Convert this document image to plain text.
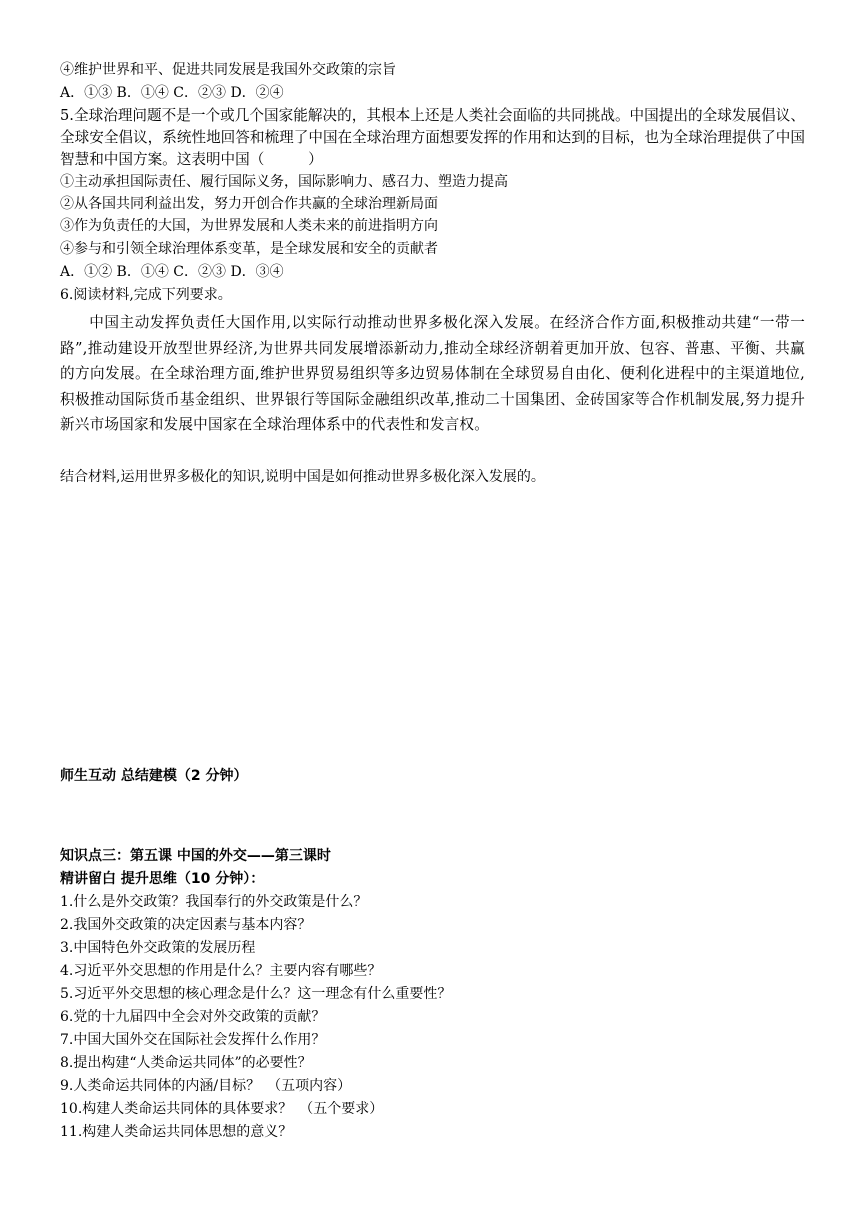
④维护世界和平、促进共同发展是我国外交政策的宗旨
A．①③ B．①④ C．②③ D．②④
5.全球治理问题不是一个或几个国家能解决的，其根本上还是人类社会面临的共同挑战。中国提出的全球发展倡议、全球安全倡议，系统性地回答和梳理了中国在全球治理方面想要发挥的作用和达到的目标，也为全球治理提供了中国智慧和中国方案。这表明中国（　　　）
①主动承担国际责任、履行国际义务，国际影响力、感召力、塑造力提高
②从各国共同利益出发，努力开创合作共赢的全球治理新局面
③作为负责任的大国，为世界发展和人类未来的前进指明方向
④参与和引领全球治理体系变革，是全球发展和安全的贡献者
A．①② B．①④ C．②③ D．③④
6.阅读材料,完成下列要求。
中国主动发挥负责任大国作用,以实际行动推动世界多极化深入发展。在经济合作方面,积极推动共建“一带一路”,推动建设开放型世界经济,为世界共同发展增添新动力,推动全球经济朝着更加开放、包容、普惠、平衡、共赢的方向发展。在全球治理方面,维护世界贸易组织等多边贸易体制在全球贸易自由化、便利化进程中的主渠道地位,积极推动国际货币基金组织、世界银行等国际金融组织改革,推动二十国集团、金砖国家等合作机制发展,努力提升新兴市场国家和发展中国家在全球治理体系中的代表性和发言权。
结合材料,运用世界多极化的知识,说明中国是如何推动世界多极化深入发展的。
师生互动 总结建模（2 分钟）
知识点三：第五课 中国的外交——第三课时
精讲留白 提升思维（10 分钟）：
1.什么是外交政策？我国奉行的外交政策是什么？
2.我国外交政策的决定因素与基本内容？
3.中国特色外交政策的发展历程
4.习近平外交思想的作用是什么？主要内容有哪些？
5.习近平外交思想的核心理念是什么？这一理念有什么重要性？
6.党的十九届四中全会对外交政策的贡献？
7.中国大国外交在国际社会发挥什么作用？
8.提出构建“人类命运共同体”的必要性？
9.人类命运共同体的内涵/目标？　（五项内容）
10.构建人类命运共同体的具体要求？　（五个要求）
11.构建人类命运共同体思想的意义？
